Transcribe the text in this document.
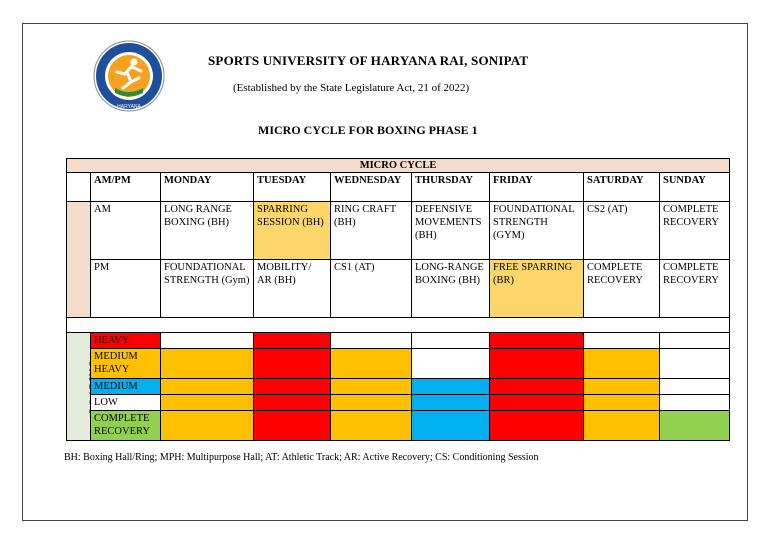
HARYANA
SPORTS UNIVERSITY OF HARYANA RAI, SONIPAT
(Established by the State Legislature Act, 21 of 2022)
MICRO CYCLE FOR BOXING PHASE 1
MICRO CYCLE								
	AM/PM	MONDAY	TUESDAY	WEDNESDAY	THURSDAY	FRIDAY	SATURDAY	SUNDAY
	AM	LONG RANGE BOXING (BH)	SPARRING SESSION (BH)	RING CRAFT (BH)	DEFENSIVE MOVEMENTS (BH)	FOUNDATIONAL STRENGTH (GYM)	CS2 (AT)	COMPLETE RECOVERY
	PM	FOUNDATIONAL STRENGTH (Gym)	MOBILITY/ AR (BH)	CS1 (AT)	LONG-RANGE BOXING (BH)	FREE SPARRING (BR)	COMPLETE RECOVERY	COMPLETE RECOVERY

LOADING	HEAVY							
	MEDIUM HEAVY							
	MEDIUM							
	LOW							
	COMPLETE RECOVERY							
BH: Boxing Hall/Ring; MPH: Multipurpose Hall; AT: Athletic Track; AR: Active Recovery; CS: Conditioning Session
